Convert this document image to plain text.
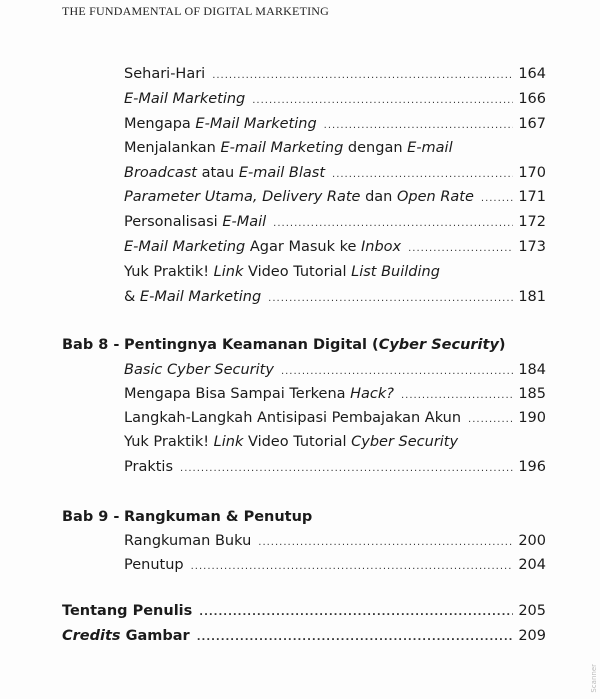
THE FUNDAMENTAL OF DIGITAL MARKETING
Sehari-Hari .....	164
E-Mail Marketing .....	166
Mengapa E-Mail Marketing .....	167
Menjalankan E-mail Marketing dengan E-mail
Broadcast atau E-mail Blast .....	170
Parameter Utama, Delivery Rate dan Open Rate .....	171
Personalisasi E-Mail .....	172
E-Mail Marketing Agar Masuk ke Inbox .....	173
Yuk Praktik! Link Video Tutorial List Building
& E-Mail Marketing .....	181
Bab 8 - Pentingnya Keamanan Digital (Cyber Security)
Basic Cyber Security .....	184
Mengapa Bisa Sampai Terkena Hack? .....	185
Langkah-Langkah Antisipasi Pembajakan Akun .....	190
Yuk Praktik! Link Video Tutorial Cyber Security
Praktis .....	196
Bab 9 - Rangkuman & Penutup
Rangkuman Buku .....	200
Penutup .....	204
Tentang Penulis .....	205
Credits Gambar .....	209
Scanner
